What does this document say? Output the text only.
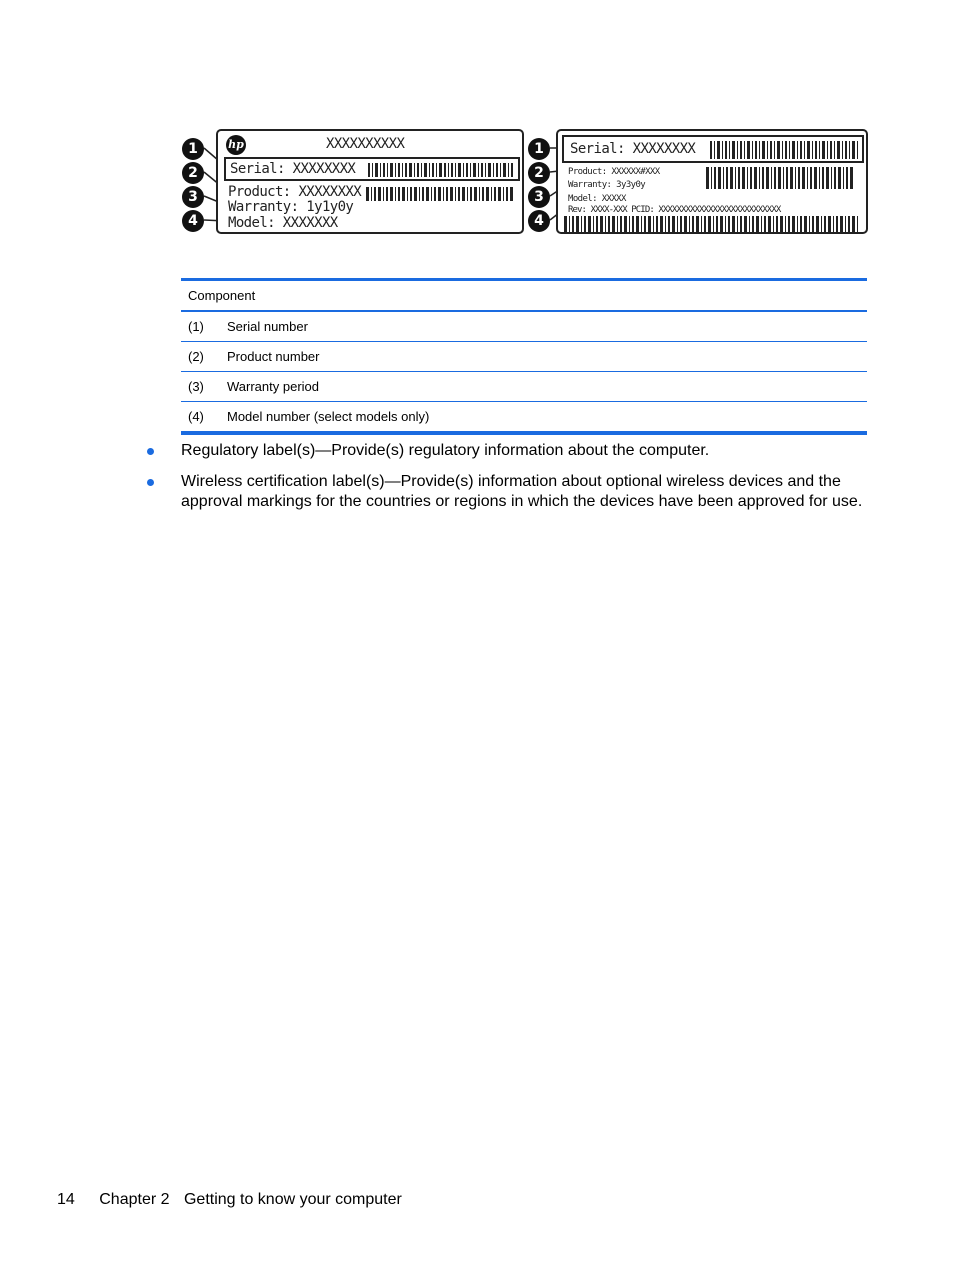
1
2
3
4
hp	XXXXXXXXXX
Serial: XXXXXXXX
Product: XXXXXXXX
Warranty: 1y1y0y
Model: XXXXXXX
Serial: XXXXXXXX
Product: XXXXXX#XXX
Warranty: 3y3y0y
Model: XXXXX
Rev: XXXX-XXX PCID: XXXXXXXXXXXXXXXXXXXXXXXXXXX
1
2
3
4
Component	
(1)	Serial number
(2)	Product number
(3)	Warranty period
(4)	Model number (select models only)
Regulatory label(s)—Provide(s) regulatory information about the computer.
Wireless certification label(s)—Provide(s) information about optional wireless devices and the approval markings for the countries or regions in which the devices have been approved for use.
14 Chapter 2 Getting to know your computer
